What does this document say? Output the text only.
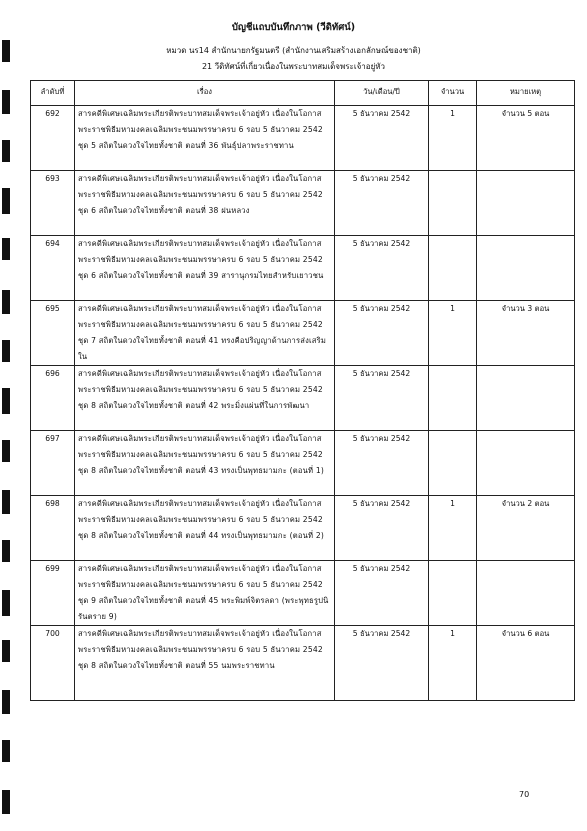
บัญชีแถบบันทึกภาพ (วีดิทัศน์)
หมวด นร14 สำนักนายกรัฐมนตรี (สำนักงานเสริมสร้างเอกลักษณ์ของชาติ)
21 วีดิทัศน์ที่เกี่ยวเนื่องในพระบาทสมเด็จพระเจ้าอยู่หัว
ลำดับที่	เรื่อง	วัน/เดือน/ปี	จำนวน	หมายเหตุ
692	สารคดีพิเศษเฉลิมพระเกียรติพระบาทสมเด็จพระเจ้าอยู่หัว เนื่องในโอกาสพระราชพิธีมหามงคลเฉลิมพระชนมพรรษาครบ 6 รอบ 5 ธันวาคม 2542 ชุด 5 สถิตในดวงใจไทยทั้งชาติ ตอนที่ 36 พันธุ์ปลาพระราชทาน	5 ธันวาคม 2542	1	จำนวน 5 ตอน
693	สารคดีพิเศษเฉลิมพระเกียรติพระบาทสมเด็จพระเจ้าอยู่หัว เนื่องในโอกาสพระราชพิธีมหามงคลเฉลิมพระชนมพรรษาครบ 6 รอบ 5 ธันวาคม 2542 ชุด 6 สถิตในดวงใจไทยทั้งชาติ ตอนที่ 38 ฝนหลวง	5 ธันวาคม 2542		
694	สารคดีพิเศษเฉลิมพระเกียรติพระบาทสมเด็จพระเจ้าอยู่หัว เนื่องในโอกาสพระราชพิธีมหามงคลเฉลิมพระชนมพรรษาครบ 6 รอบ 5 ธันวาคม 2542 ชุด 6 สถิตในดวงใจไทยทั้งชาติ ตอนที่ 39 สารานุกรมไทยสำหรับเยาวชน	5 ธันวาคม 2542		
695	สารคดีพิเศษเฉลิมพระเกียรติพระบาทสมเด็จพระเจ้าอยู่หัว เนื่องในโอกาสพระราชพิธีมหามงคลเฉลิมพระชนมพรรษาครบ 6 รอบ 5 ธันวาคม 2542 ชุด 7 สถิตในดวงใจไทยทั้งชาติ ตอนที่ 41 ทรงคือปริญญาด้านการส่งเสริมใน	5 ธันวาคม 2542	1	จำนวน 3 ตอน
696	สารคดีพิเศษเฉลิมพระเกียรติพระบาทสมเด็จพระเจ้าอยู่หัว เนื่องในโอกาสพระราชพิธีมหามงคลเฉลิมพระชนมพรรษาครบ 6 รอบ 5 ธันวาคม 2542 ชุด 8 สถิตในดวงใจไทยทั้งชาติ ตอนที่ 42 พระมิ่งแผ่นที่ในการพัฒนา	5 ธันวาคม 2542		
697	สารคดีพิเศษเฉลิมพระเกียรติพระบาทสมเด็จพระเจ้าอยู่หัว เนื่องในโอกาสพระราชพิธีมหามงคลเฉลิมพระชนมพรรษาครบ 6 รอบ 5 ธันวาคม 2542 ชุด 8 สถิตในดวงใจไทยทั้งชาติ ตอนที่ 43 ทรงเป็นพุทธมามกะ (ตอนที่ 1)	5 ธันวาคม 2542		
698	สารคดีพิเศษเฉลิมพระเกียรติพระบาทสมเด็จพระเจ้าอยู่หัว เนื่องในโอกาสพระราชพิธีมหามงคลเฉลิมพระชนมพรรษาครบ 6 รอบ 5 ธันวาคม 2542 ชุด 8 สถิตในดวงใจไทยทั้งชาติ ตอนที่ 44 ทรงเป็นพุทธมามกะ (ตอนที่ 2)	5 ธันวาคม 2542	1	จำนวน 2 ตอน
699	สารคดีพิเศษเฉลิมพระเกียรติพระบาทสมเด็จพระเจ้าอยู่หัว เนื่องในโอกาสพระราชพิธีมหามงคลเฉลิมพระชนมพรรษาครบ 6 รอบ 5 ธันวาคม 2542 ชุด 9 สถิตในดวงใจไทยทั้งชาติ ตอนที่ 45 พระพิมพ์จิตรลดา (พระพุทธรูปนิรันตราย 9)	5 ธันวาคม 2542		
700	สารคดีพิเศษเฉลิมพระเกียรติพระบาทสมเด็จพระเจ้าอยู่หัว เนื่องในโอกาสพระราชพิธีมหามงคลเฉลิมพระชนมพรรษาครบ 6 รอบ 5 ธันวาคม 2542 ชุด 8 สถิตในดวงใจไทยทั้งชาติ ตอนที่ 55 นมพระราชทาน	5 ธันวาคม 2542	1	จำนวน 6 ตอน
70
